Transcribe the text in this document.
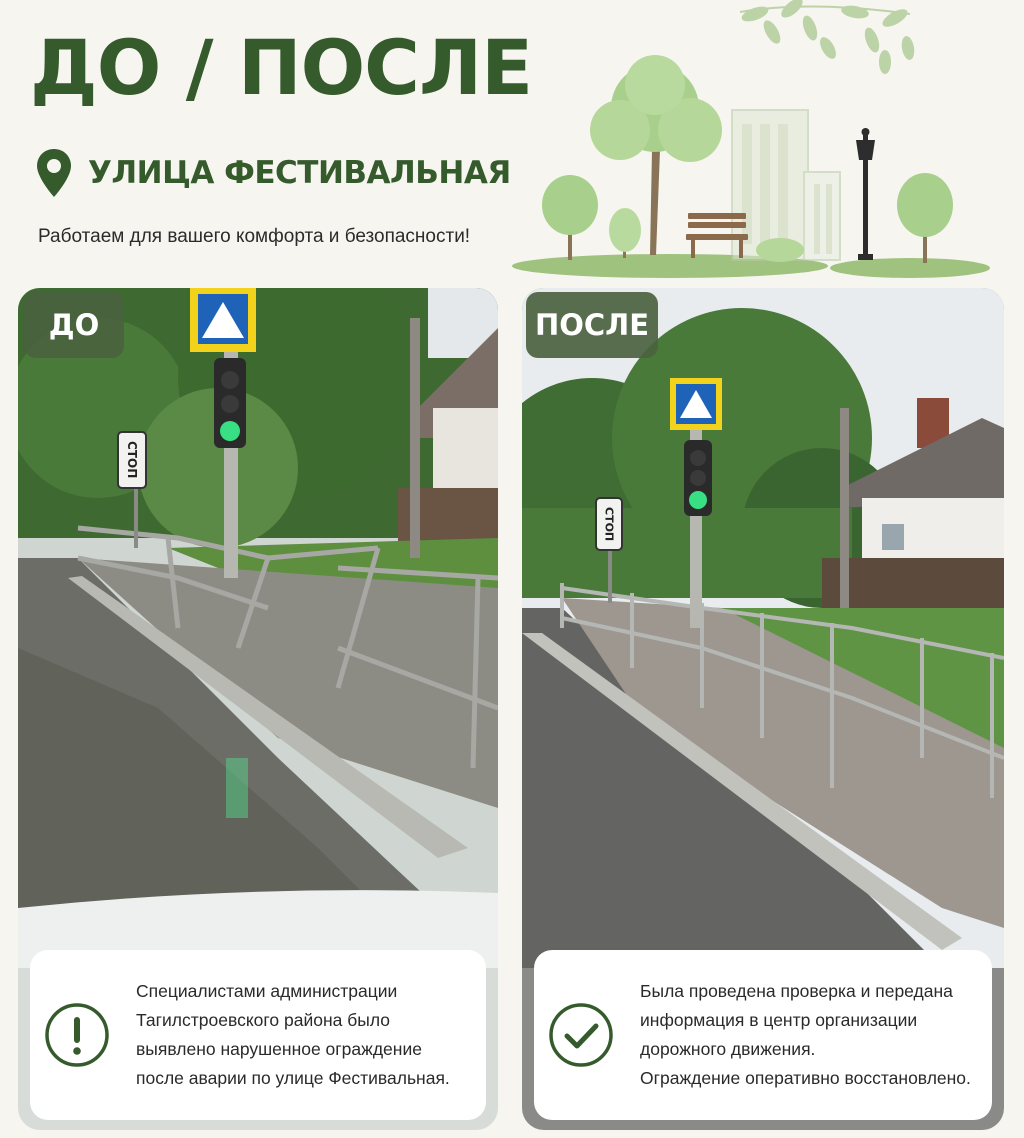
ДО / ПОСЛЕ
УЛИЦА ФЕСТИВАЛЬНАЯ
Работаем для вашего комфорта и безопасности!
СТОП
ДО
Специалистами администрации
Тагилстроевского района было
выявлено нарушенное ограждение
после аварии по улице Фестивальная.
СТОП
ПОСЛЕ
Была проведена проверка и передана
информация в центр организации
дорожного движения.
Ограждение оперативно восстановлено.
